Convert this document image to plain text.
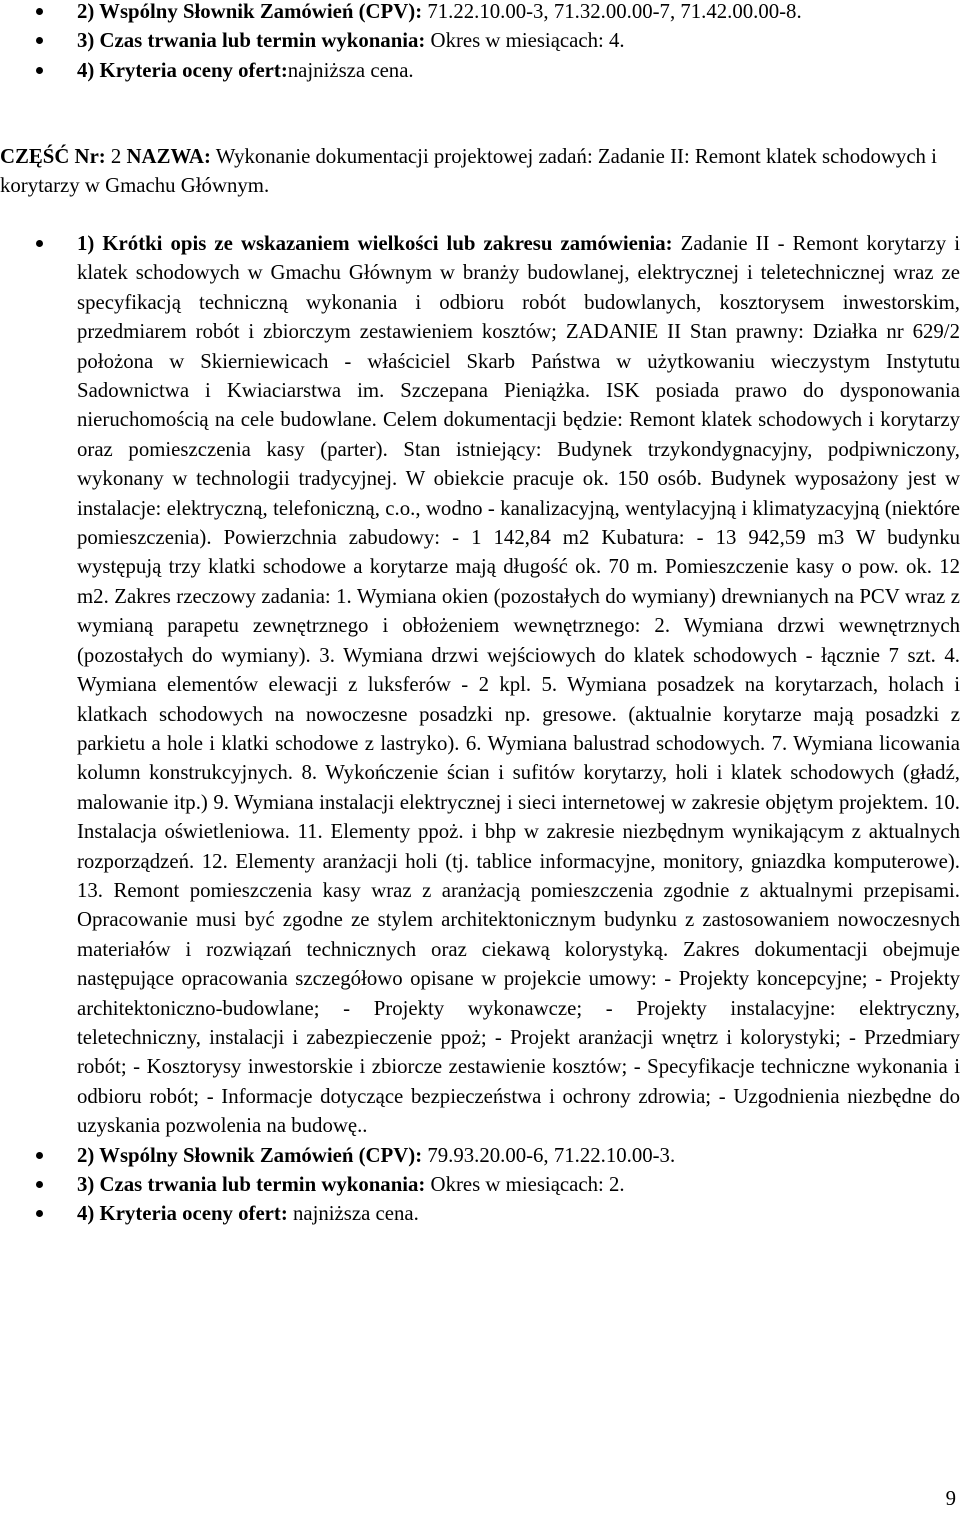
2) Wspólny Słownik Zamówień (CPV): 71.22.10.00-3, 71.32.00.00-7, 71.42.00.00-8.
3) Czas trwania lub termin wykonania: Okres w miesiącach: 4.
4) Kryteria oceny ofert:najniższa cena.

CZĘŚĆ Nr: 2 NAZWA: Wykonanie dokumentacji projektowej zadań: Zadanie II: Remont klatek schodowych i korytarzy w Gmachu Głównym.

1) Krótki opis ze wskazaniem wielkości lub zakresu zamówienia: Zadanie II - Remont korytarzy i klatek schodowych w Gmachu Głównym w branży budowlanej, elektrycznej i teletechnicznej wraz ze specyfikacją techniczną wykonania i odbioru robót budowlanych, kosztorysem inwestorskim, przedmiarem robót i zbiorczym zestawieniem kosztów; ZADANIE II Stan prawny: Działka nr 629/2 położona w Skierniewicach - właściciel Skarb Państwa w użytkowaniu wieczystym Instytutu Sadownictwa i Kwiaciarstwa im. Szczepana Pieniążka. ISK posiada prawo do dysponowania nieruchomością na cele budowlane. Celem dokumentacji będzie: Remont klatek schodowych i korytarzy oraz pomieszczenia kasy (parter). Stan istniejący: Budynek trzykondygnacyjny, podpiwniczony, wykonany w technologii tradycyjnej. W obiekcie pracuje ok. 150 osób. Budynek wyposażony jest w instalacje: elektryczną, telefoniczną, c.o., wodno - kanalizacyjną, wentylacyjną i klimatyzacyjną (niektóre pomieszczenia). Powierzchnia zabudowy: - 1 142,84 m2 Kubatura: - 13 942,59 m3 W budynku występują trzy klatki schodowe a korytarze mają długość ok. 70 m. Pomieszczenie kasy o pow. ok. 12 m2. Zakres rzeczowy zadania: 1. Wymiana okien (pozostałych do wymiany) drewnianych na PCV wraz z wymianą parapetu zewnętrznego i obłożeniem wewnętrznego: 2. Wymiana drzwi wewnętrznych (pozostałych do wymiany). 3. Wymiana drzwi wejściowych do klatek schodowych - łącznie 7 szt. 4. Wymiana elementów elewacji z luksferów - 2 kpl. 5. Wymiana posadzek na korytarzach, holach i klatkach schodowych na nowoczesne posadzki np. gresowe. (aktualnie korytarze mają posadzki z parkietu a hole i klatki schodowe z lastryko). 6. Wymiana balustrad schodowych. 7. Wymiana licowania kolumn konstrukcyjnych. 8. Wykończenie ścian i sufitów korytarzy, holi i klatek schodowych (gładź, malowanie itp.) 9. Wymiana instalacji elektrycznej i sieci internetowej w zakresie objętym projektem. 10. Instalacja oświetleniowa. 11. Elementy ppoż. i bhp w zakresie niezbędnym wynikającym z aktualnych rozporządzeń. 12. Elementy aranżacji holi (tj. tablice informacyjne, monitory, gniazdka komputerowe). 13. Remont pomieszczenia kasy wraz z aranżacją pomieszczenia zgodnie z aktualnymi przepisami. Opracowanie musi być zgodne ze stylem architektonicznym budynku z zastosowaniem nowoczesnych materiałów i rozwiązań technicznych oraz ciekawą kolorystyką. Zakres dokumentacji obejmuje następujące opracowania szczegółowo opisane w projekcie umowy: - Projekty koncepcyjne; - Projekty architektoniczno-budowlane; - Projekty wykonawcze; - Projekty instalacyjne: elektryczny, teletechniczny, instalacji i zabezpieczenie ppoż; - Projekt aranżacji wnętrz i kolorystyki; - Przedmiary robót; - Kosztorysy inwestorskie i zbiorcze zestawienie kosztów; - Specyfikacje techniczne wykonania i odbioru robót; - Informacje dotyczące bezpieczeństwa i ochrony zdrowia; - Uzgodnienia niezbędne do uzyskania pozwolenia na budowę..
2) Wspólny Słownik Zamówień (CPV): 79.93.20.00-6, 71.22.10.00-3.
3) Czas trwania lub termin wykonania: Okres w miesiącach: 2.
4) Kryteria oceny ofert: najniższa cena.
9
